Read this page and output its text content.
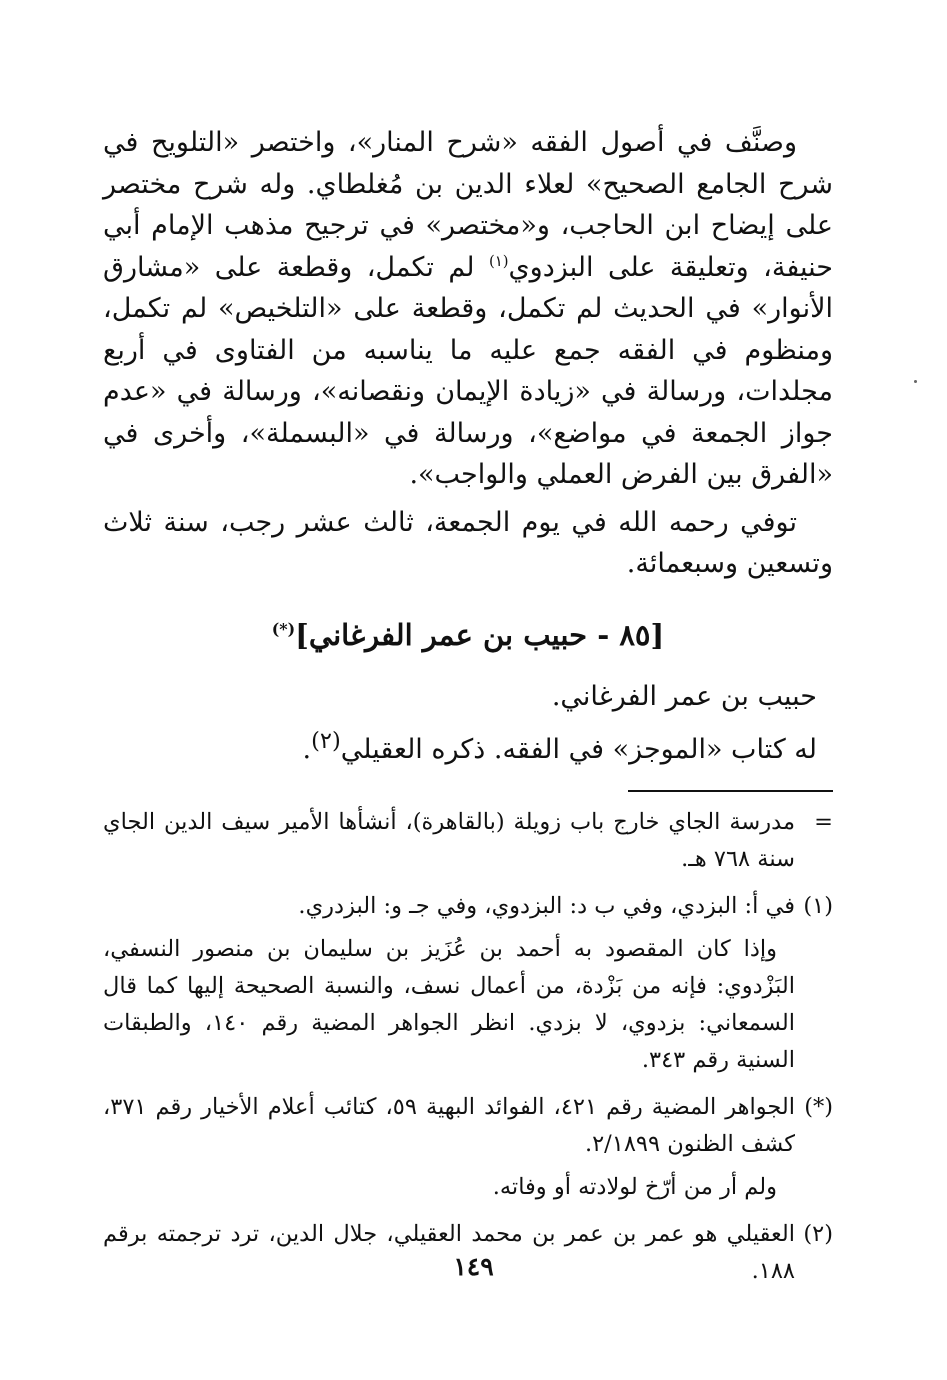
وصنَّف في أصول الفقه «شرح المنار»، واختصر «التلويح في شرح الجامع الصحيح» لعلاء الدين بن مُغلطاي. وله شرح مختصر على إيضاح ابن الحاجب، و«مختصر» في ترجيح مذهب الإمام أبي حنيفة، وتعليقة على البزدوي$^{(١)}$ لم تكمل، وقطعة على «مشارق الأنوار» في الحديث لم تكمل، وقطعة على «التلخيص» لم تكمل، ومنظوم في الفقه جمع عليه ما يناسبه من الفتاوى في أربع مجلدات، ورسالة في «زيادة الإيمان ونقصانه»، ورسالة في «عدم جواز الجمعة في مواضع»، ورسالة في «البسملة»، وأخرى في «الفرق بين الفرض العملي والواجب».

توفي رحمه الله في يوم الجمعة، ثالث عشر رجب، سنة ثلاث وتسعين وسبعمائة.

[٨٥ - حبيب بن عمر الفرغاني](*)

حبيب بن عمر الفرغاني.

له كتاب «الموجز» في الفقه. ذكره العقيلي$^{(٢)}$.

=مدرسة الجاي خارج باب زويلة (بالقاهرة)، أنشأها الأمير سيف الدين الجاي سنة ٧٦٨ هـ.

(١)في أ: البزدي، وفي ب د: البزدوي، وفي جـ و: البزدري.

وإذا كان المقصود به أحمد بن عُزَيز بن سليمان بن منصور النسفي، البَزْدوي: فإنه من بَزْدة، من أعمال نسف، والنسبة الصحيحة إليها كما قال السمعاني: بزدوي، لا بزدي. انظر الجواهر المضية رقم ١٤٠، والطبقات السنية رقم ٣٤٣.

(*)الجواهر المضية رقم ٤٢١، الفوائد البهية ٥٩، كتائب أعلام الأخيار رقم ٣٧١، كشف الظنون ٢/١٨٩٩.

ولم أر من أرّخ لولادته أو وفاته.

(٢)العقيلي هو عمر بن عمر بن محمد العقيلي، جلال الدين، ترد ترجمته برقم ١٨٨.

١٤٩
